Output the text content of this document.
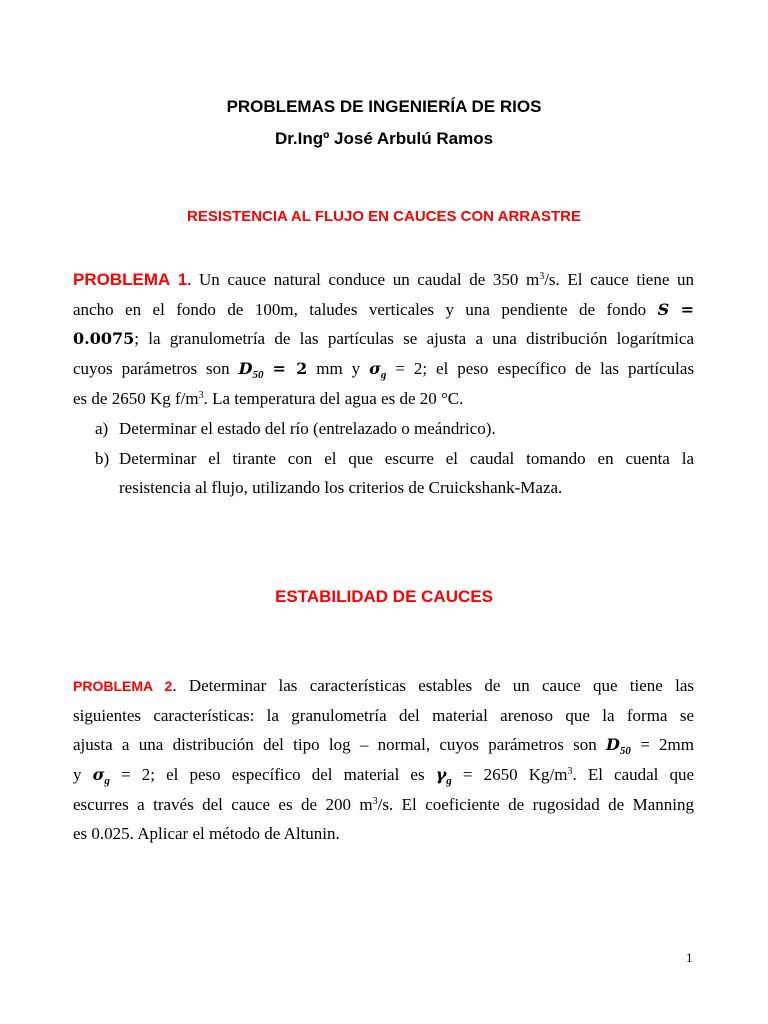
PROBLEMAS DE INGENIERÍA DE RIOS
Dr.Ingº José Arbulú Ramos
RESISTENCIA AL FLUJO EN CAUCES CON ARRASTRE
PROBLEMA 1. Un cauce natural conduce un caudal de 350 $m^3/s$. El cauce tiene un
ancho en el fondo de 100m, taludes verticales y una pendiente de fondo S =
0.0075; la granulometría de las partículas se ajusta a una distribución logarítmica
cuyos parámetros son $D_{50} = 2$ mm y $\sigma_g = 2$; el peso específico de las partículas
es de 2650 Kg $f/m^3$. La temperatura del agua es de 20 °C.
a) Determinar el estado del río (entrelazado o meándrico).
b) Determinar el tirante con el que escurre el caudal tomando en cuenta la
resistencia al flujo, utilizando los criterios de Cruickshank-Maza.
ESTABILIDAD DE CAUCES
PROBLEMA 2. Determinar las características estables de un cauce que tiene las
siguientes características: la granulometría del material arenoso que la forma se
ajusta a una distribución del tipo log – normal, cuyos parámetros son $D_{50} = 2mm$
y $\sigma_g = 2$; el peso específico del material es $\gamma_g = 2650$ $Kg/m^3$. El caudal que
escurres a través del cauce es de 200 $m^3/s$. El coeficiente de rugosidad de Manning
es 0.025. Aplicar el método de Altunin.
1
